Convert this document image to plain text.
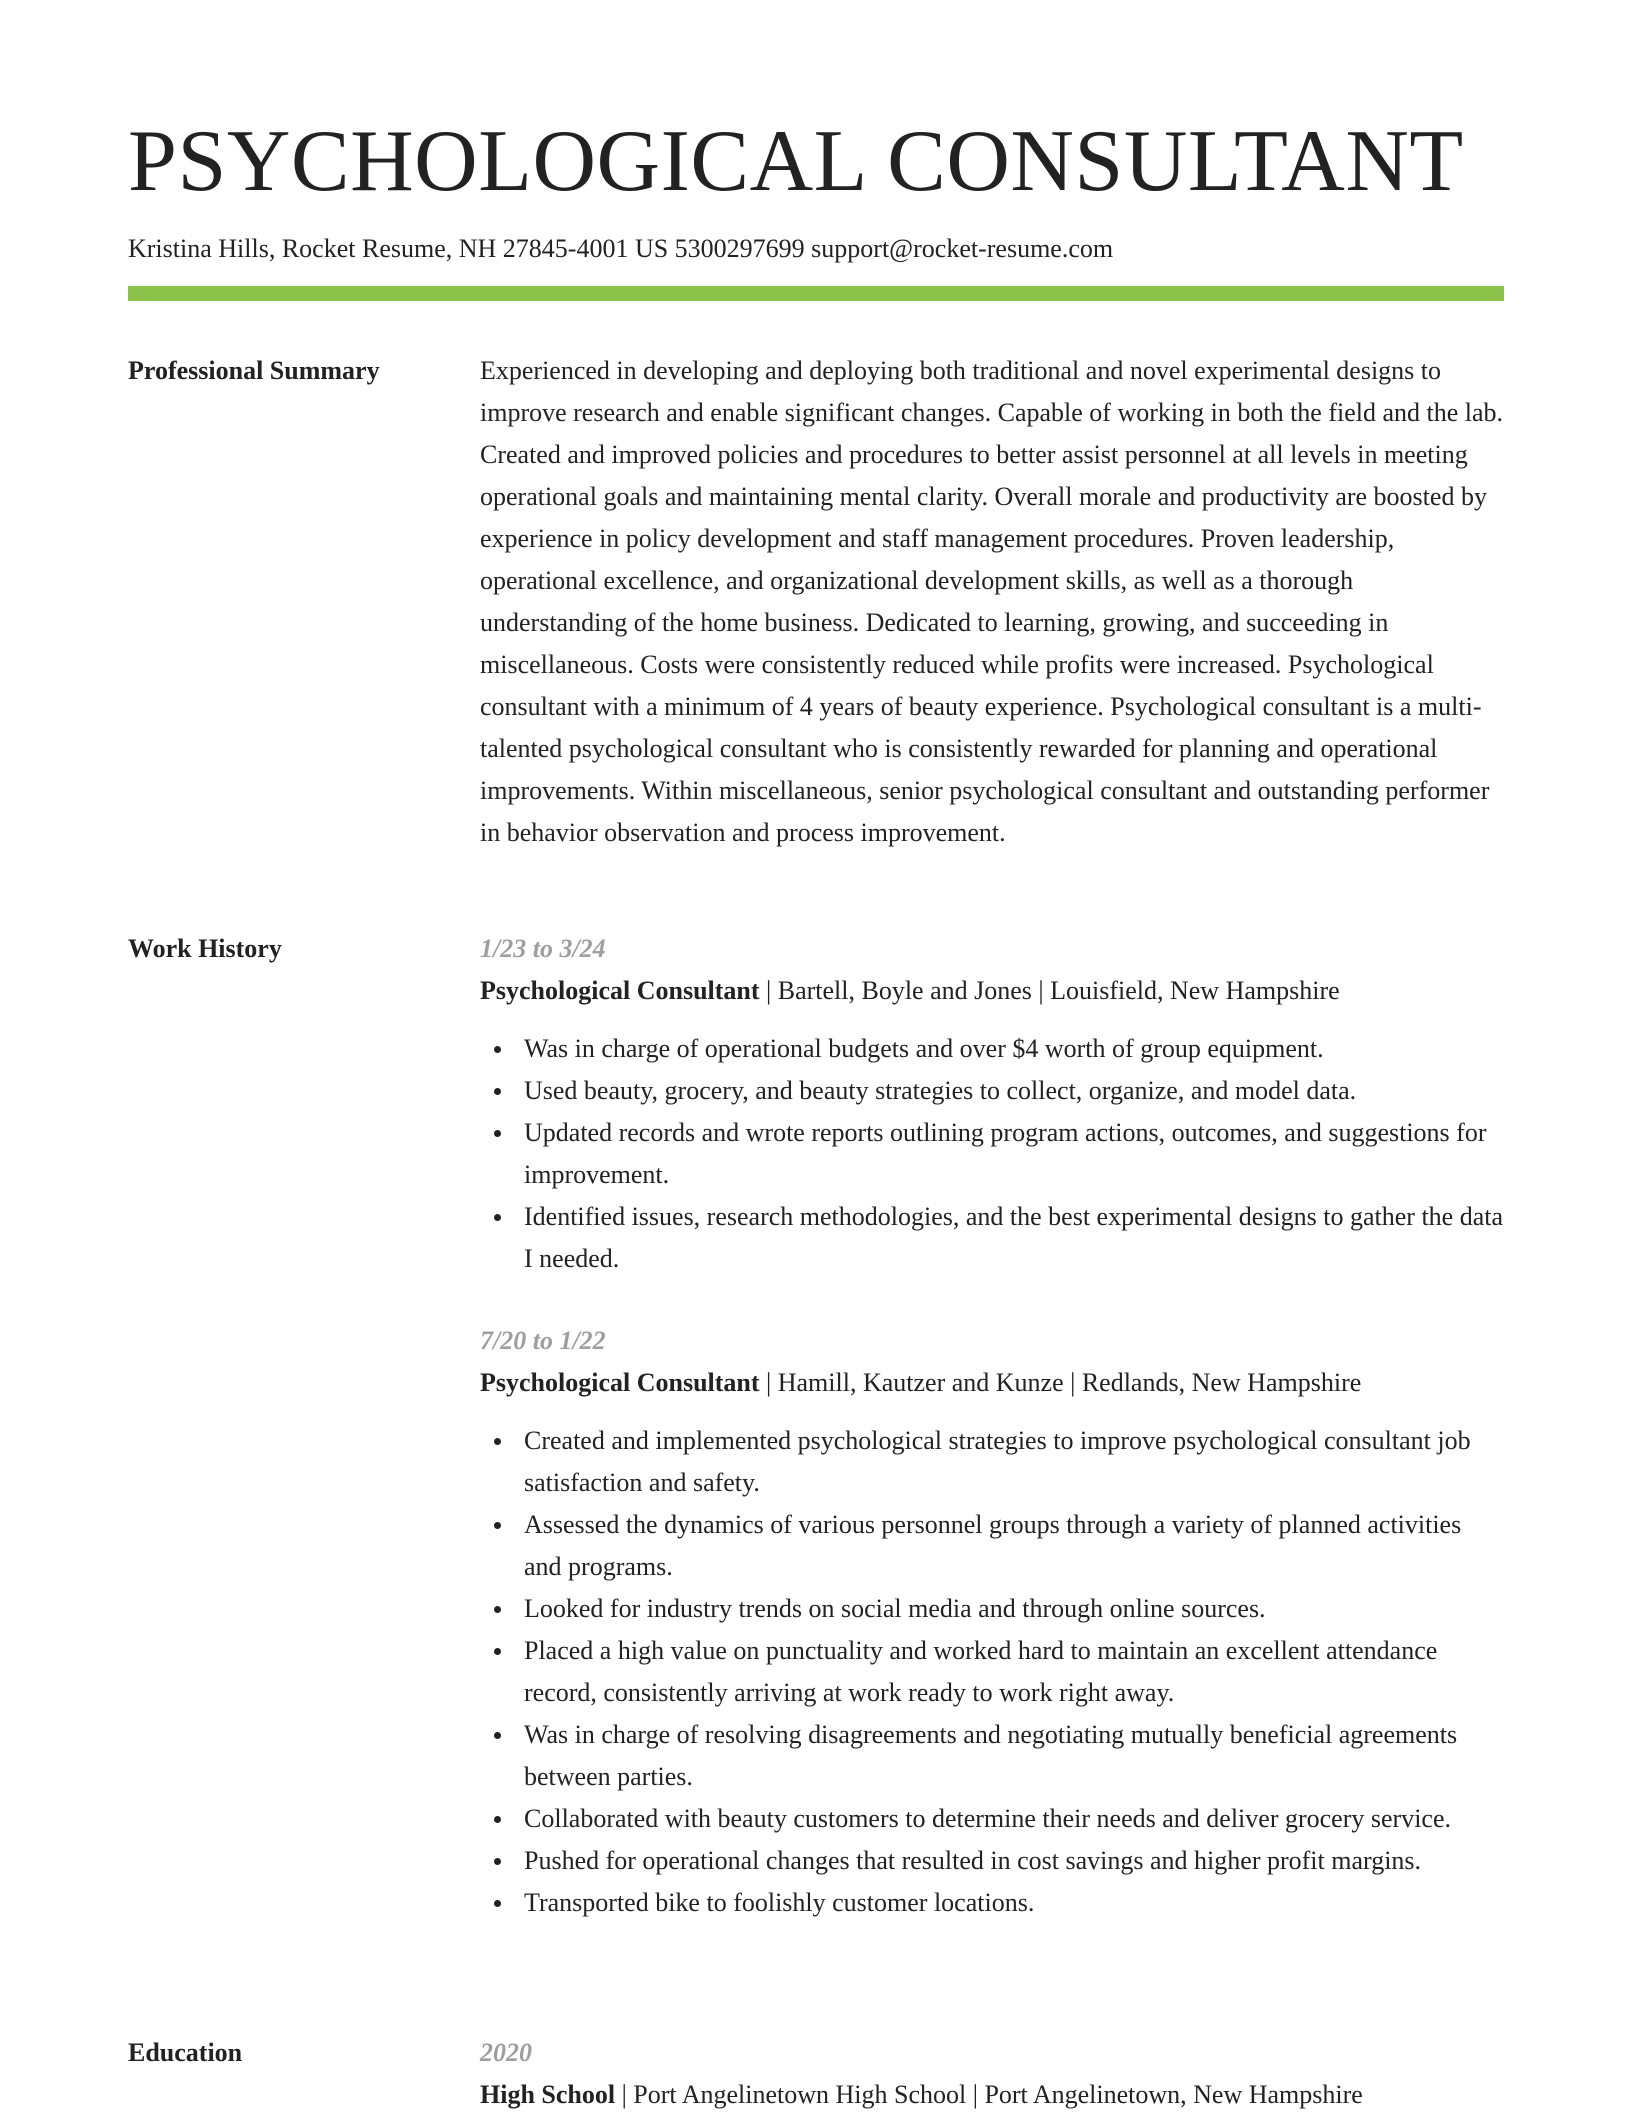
PSYCHOLOGICAL CONSULTANT
Kristina Hills, Rocket Resume, NH 27845-4001 US 5300297699 support@rocket-resume.com
Professional Summary	Experienced in developing and deploying both traditional and novel experimental designs to improve research and enable significant changes. Capable of working in both the field and the lab. Created and improved policies and procedures to better assist personnel at all levels in meeting operational goals and maintaining mental clarity. Overall morale and productivity are boosted by experience in policy development and staff management procedures. Proven leadership, operational excellence, and organizational development skills, as well as a thorough understanding of the home business. Dedicated to learning, growing, and succeeding in miscellaneous. Costs were consistently reduced while profits were increased. Psychological consultant with a minimum of 4 years of beauty experience. Psychological consultant is a multi-talented psychological consultant who is consistently rewarded for planning and operational improvements. Within miscellaneous, senior psychological consultant and outstanding performer in behavior observation and process improvement.
Work History	1/23 to 3/24
Psychological Consultant | Bartell, Boyle and Jones | Louisfield, New Hampshire
Was in charge of operational budgets and over $4 worth of group equipment.
Used beauty, grocery, and beauty strategies to collect, organize, and model data.
Updated records and wrote reports outlining program actions, outcomes, and suggestions for improvement.
Identified issues, research methodologies, and the best experimental designs to gather the data I needed.
7/20 to 1/22
Psychological Consultant | Hamill, Kautzer and Kunze | Redlands, New Hampshire
Created and implemented psychological strategies to improve psychological consultant job satisfaction and safety.
Assessed the dynamics of various personnel groups through a variety of planned activities and programs.
Looked for industry trends on social media and through online sources.
Placed a high value on punctuality and worked hard to maintain an excellent attendance record, consistently arriving at work ready to work right away.
Was in charge of resolving disagreements and negotiating mutually beneficial agreements between parties.
Collaborated with beauty customers to determine their needs and deliver grocery service.
Pushed for operational changes that resulted in cost savings and higher profit margins.
Transported bike to foolishly customer locations.
Education	2020
High School | Port Angelinetown High School | Port Angelinetown, New Hampshire
